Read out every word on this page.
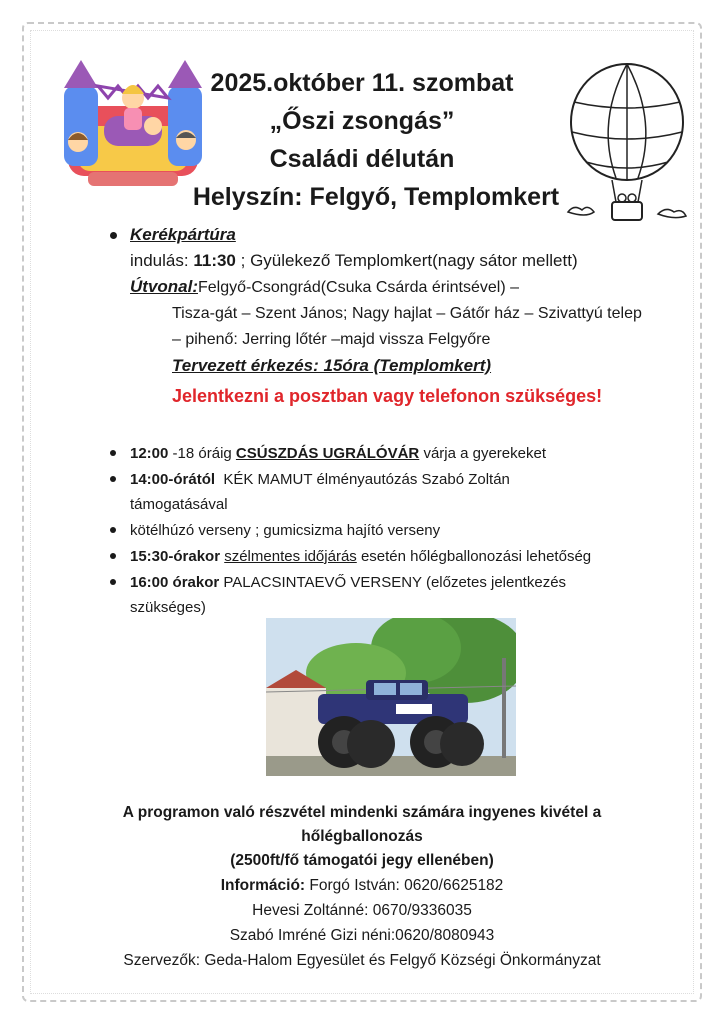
2025.október 11. szombat
„Őszi zsongás”
Családi délután
Helyszín: Felgyő, Templomkert
Kerékpártúra
indulás: 11:30 ; Gyülekező Templomkert(nagy sátor mellett)
Útvonal:Felgyő-Csongrád(Csuka Csárda érintsével) –
Tisza-gát – Szent János; Nagy hajlat – Gátőr ház – Szivattyú telep
– pihenő: Jerring lőtér –majd vissza Felgyőre
Tervezett érkezés: 15óra (Templomkert)
Jelentkezni a posztban vagy telefonon szükséges!
12:00 -18 óráig CSÚSZDÁS UGRÁLÓVÁR várja a gyerekeket
14:00-órától KÉK MAMUT élményautózás Szabó Zoltán
támogatásával
kötélhúzó verseny ; gumicsizma hajító verseny
15:30-órakor szélmentes időjárás esetén hőlégballonozási lehetőség
16:00 órakor PALACSINTAEVŐ VERSENY (előzetes jelentkezés
szükséges)
A programon való részvétel mindenki számára ingyenes kivétel a
hőlégballonozás
(2500ft/fő támogatói jegy ellenében)
Információ: Forgó István: 0620/6625182
Hevesi Zoltánné: 0670/9336035
Szabó Imréné Gizi néni:0620/8080943
Szervezők: Geda-Halom Egyesület és Felgyő Községi Önkormányzat
